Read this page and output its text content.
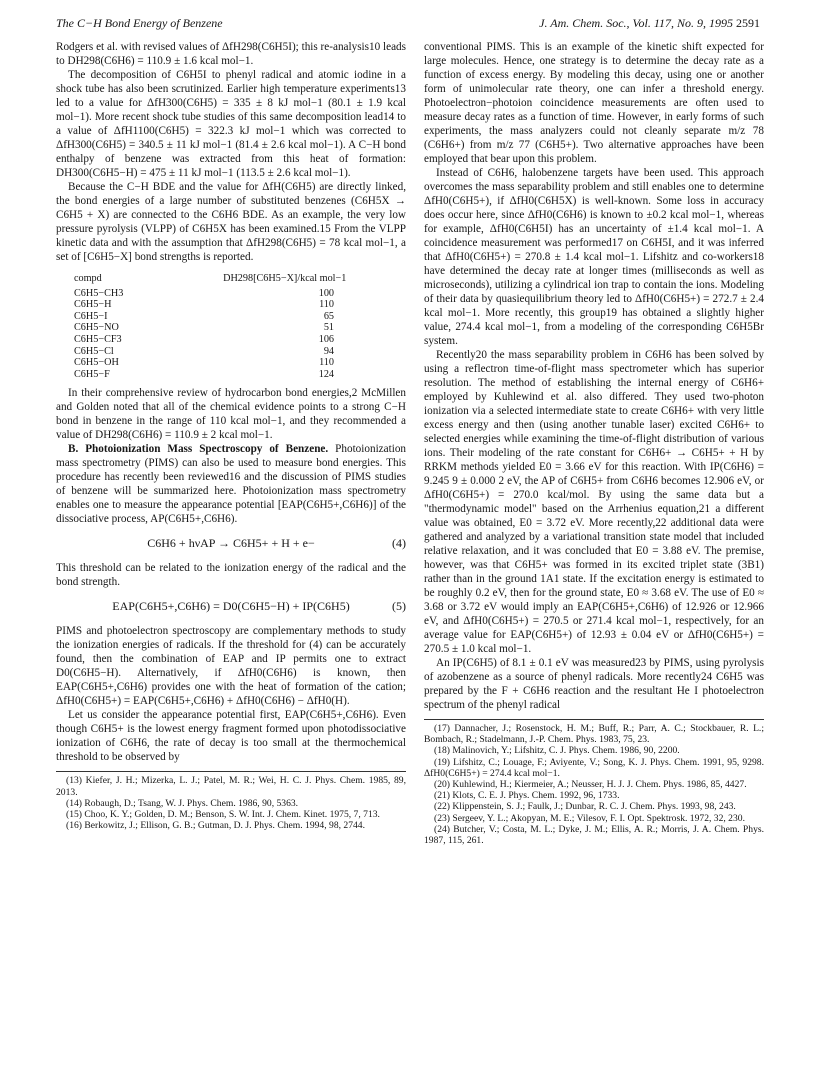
The C−H Bond Energy of Benzene	J. Am. Chem. Soc., Vol. 117, No. 9, 1995 2591

Rodgers et al. with revised values of ΔfH298(C6H5I); this re-analysis10 leads to DH298(C6H6) = 110.9 ± 1.6 kcal mol−1.

The decomposition of C6H5I to phenyl radical and atomic iodine in a shock tube has also been scrutinized. Earlier high temperature experiments13 led to a value for ΔfH300(C6H5) = 335 ± 8 kJ mol−1 (80.1 ± 1.9 kcal mol−1). More recent shock tube studies of this same decomposition lead14 to a value of ΔfH1100(C6H5) = 322.3 kJ mol−1 which was corrected to ΔfH300(C6H5) = 340.5 ± 11 kJ mol−1 (81.4 ± 2.6 kcal mol−1). A C−H bond enthalpy of benzene was extracted from this heat of formation: DH300(C6H5−H) = 475 ± 11 kJ mol−1 (113.5 ± 2.6 kcal mol−1).

Because the C−H BDE and the value for ΔfH(C6H5) are directly linked, the bond energies of a large number of substituted benzenes (C6H5X → C6H5 + X) are connected to the C6H6 BDE. As an example, the very low pressure pyrolysis (VLPP) of C6H5X has been examined.15 From the VLPP kinetic data and with the assumption that ΔfH298(C6H5) = 78 kcal mol−1, a set of [C6H5−X] bond strengths is reported.

compd	DH298[C6H5−X]/kcal mol−1
C6H5−CH3	100
C6H5−H	110
C6H5−I	65
C6H5−NO	51
C6H5−CF3	106
C6H5−Cl	94
C6H5−OH	110
C6H5−F	124

In their comprehensive review of hydrocarbon bond energies,2 McMillen and Golden noted that all of the chemical evidence points to a strong C−H bond in benzene in the range of 110 kcal mol−1, and they recommended a value of DH298(C6H6) = 110.9 ± 2 kcal mol−1.

B. Photoionization Mass Spectroscopy of Benzene. Photoionization mass spectrometry (PIMS) can also be used to measure bond energies. This procedure has recently been reviewed16 and the discussion of PIMS studies of benzene will be summarized here. Photoionization mass spectrometry enables one to measure the appearance potential [EAP(C6H5+,C6H6)] of the dissociative process, AP(C6H5+,C6H6).

C6H6 + hνAP → C6H5+ + H + e−	(4)

This threshold can be related to the ionization energy of the radical and the bond strength.

EAP(C6H5+,C6H6) = D0(C6H5−H) + IP(C6H5)	(5)

PIMS and photoelectron spectroscopy are complementary methods to study the ionization energies of radicals. If the threshold for (4) can be accurately found, then the combination of EAP and IP permits one to extract D0(C6H5−H). Alternatively, if ΔfH0(C6H6) is known, then EAP(C6H5+,C6H6) provides one with the heat of formation of the cation; ΔfH0(C6H5+) = EAP(C6H5+,C6H6) + ΔfH0(C6H6) − ΔfH0(H).

Let us consider the appearance potential first, EAP(C6H5+,C6H6). Even though C6H5+ is the lowest energy fragment formed upon photodissociative ionization of C6H6, the rate of decay is too small at the thermochemical threshold to be observed by

(13) Kiefer, J. H.; Mizerka, L. J.; Patel, M. R.; Wei, H. C. J. Phys. Chem. 1985, 89, 2013.
(14) Robaugh, D.; Tsang, W. J. Phys. Chem. 1986, 90, 5363.
(15) Choo, K. Y.; Golden, D. M.; Benson, S. W. Int. J. Chem. Kinet. 1975, 7, 713.
(16) Berkowitz, J.; Ellison, G. B.; Gutman, D. J. Phys. Chem. 1994, 98, 2744.

conventional PIMS. This is an example of the kinetic shift expected for large molecules. Hence, one strategy is to determine the decay rate as a function of excess energy. By modeling this decay, using one or another form of unimolecular rate theory, one can infer a threshold energy. Photoelectron−photoion coincidence measurements are often used to measure decay rates as a function of time. However, in early forms of such experiments, the mass analyzers could not cleanly separate m/z 78 (C6H6+) from m/z 77 (C6H5+). Two alternative approaches have been employed that bear upon this problem.

Instead of C6H6, halobenzene targets have been used. This approach overcomes the mass separability problem and still enables one to determine ΔfH0(C6H5+), if ΔfH0(C6H5X) is well-known. Some loss in accuracy does occur here, since ΔfH0(C6H6) is known to ±0.2 kcal mol−1, whereas for example, ΔfH0(C6H5I) has an uncertainty of ±1.4 kcal mol−1. A coincidence measurement was performed17 on C6H5I, and it was inferred that ΔfH0(C6H5+) = 270.8 ± 1.4 kcal mol−1. Lifshitz and co-workers18 have determined the decay rate at longer times (milliseconds as well as microseconds), utilizing a cylindrical ion trap to contain the ions. Modeling of their data by quasiequilibrium theory led to ΔfH0(C6H5+) = 272.7 ± 2.4 kcal mol−1. More recently, this group19 has obtained a slightly higher value, 274.4 kcal mol−1, from a modeling of the corresponding C6H5Br system.

Recently20 the mass separability problem in C6H6 has been solved by using a reflectron time-of-flight mass spectrometer which has superior resolution. The method of establishing the internal energy of C6H6+ employed by Kuhlewind et al. also differed. They used two-photon ionization via a selected intermediate state to create C6H6+ with very little excess energy and then (using another tunable laser) excited C6H6+ to selected energies while examining the time-of-flight distribution of various ions. Their modeling of the rate constant for C6H6+ → C6H5+ + H by RRKM methods yielded E0 = 3.66 eV for this reaction. With IP(C6H6) = 9.245 9 ± 0.000 2 eV, the AP of C6H5+ from C6H6 becomes 12.906 eV, or ΔfH0(C6H5+) = 270.0 kcal/mol. By using the same data but a "thermodynamic model" based on the Arrhenius equation,21 a different value was obtained, E0 = 3.72 eV. More recently,22 additional data were gathered and analyzed by a variational transition state model that included relative relaxation, and it was concluded that E0 = 3.88 eV. The premise, however, was that C6H5+ was formed in its excited triplet state (3B1) rather than in the ground 1A1 state. If the excitation energy is estimated to be roughly 0.2 eV, then for the ground state, E0 ≈ 3.68 eV. The use of E0 ≈ 3.68 or 3.72 eV would imply an EAP(C6H5+,C6H6) of 12.926 or 12.966 eV, and ΔfH0(C6H5+) = 270.5 or 271.4 kcal mol−1, respectively, for an average value for EAP(C6H5+) of 12.93 ± 0.04 eV or ΔfH0(C6H5+) = 270.5 ± 1.0 kcal mol−1.

An IP(C6H5) of 8.1 ± 0.1 eV was measured23 by PIMS, using pyrolysis of azobenzene as a source of phenyl radicals. More recently24 C6H5 was prepared by the F + C6H6 reaction and the resultant He I photoelectron spectrum of the phenyl radical

(17) Dannacher, J.; Rosenstock, H. M.; Buff, R.; Parr, A. C.; Stockbauer, R. L.; Bombach, R.; Stadelmann, J.-P. Chem. Phys. 1983, 75, 23.
(18) Malinovich, Y.; Lifshitz, C. J. Phys. Chem. 1986, 90, 2200.
(19) Lifshitz, C.; Louage, F.; Aviyente, V.; Song, K. J. Phys. Chem. 1991, 95, 9298. ΔfH0(C6H5+) = 274.4 kcal mol−1.
(20) Kuhlewind, H.; Kiermeier, A.; Neusser, H. J. J. Chem. Phys. 1986, 85, 4427.
(21) Klots, C. E. J. Phys. Chem. 1992, 96, 1733.
(22) Klippenstein, S. J.; Faulk, J.; Dunbar, R. C. J. Chem. Phys. 1993, 98, 243.
(23) Sergeev, Y. L.; Akopyan, M. E.; Vilesov, F. I. Opt. Spektrosk. 1972, 32, 230.
(24) Butcher, V.; Costa, M. L.; Dyke, J. M.; Ellis, A. R.; Morris, J. A. Chem. Phys. 1987, 115, 261.
